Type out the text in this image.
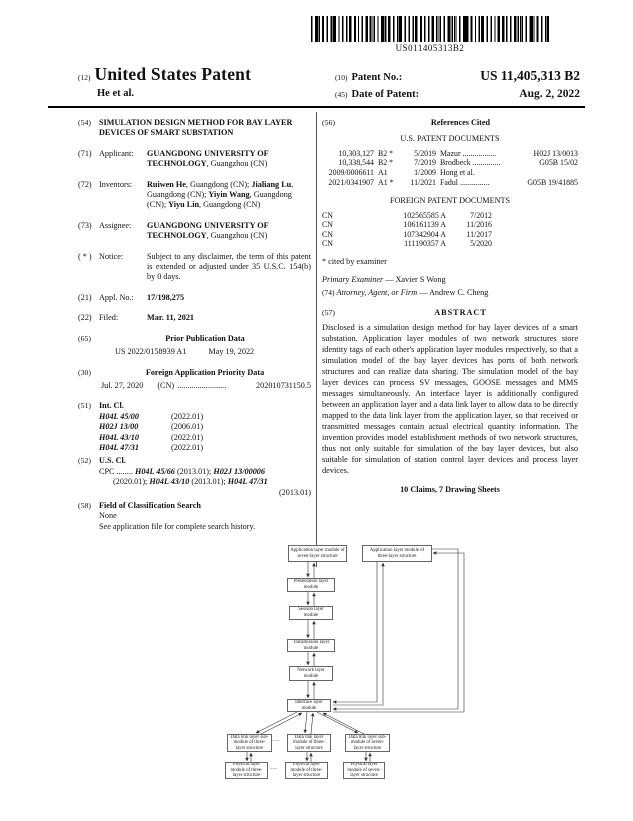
US011405313B2
(12) United States Patent
He et al.
(10) Patent No.:	US 11,405,313 B2
(45) Date of Patent:	Aug. 2, 2022
(54) SIMULATION DESIGN METHOD FOR BAY LAYER DEVICES OF SMART SUBSTATION
(71) Applicant:	GUANGDONG UNIVERSITY OF TECHNOLOGY, Guangzhou (CN)
(72) Inventors:	Ruiwen He, Guangdong (CN); Jialiang Lu, Guangdong (CN); Yiyin Wang, Guangdong (CN); Yiyu Lin, Guangdong (CN)
(73) Assignee:	GUANGDONG UNIVERSITY OF TECHNOLOGY, Guangzhou (CN)
( * ) Notice:	Subject to any disclaimer, the term of this patent is extended or adjusted under 35 U.S.C. 154(b) by 0 days.
(21) Appl. No.:	17/198,275
(22) Filed:	Mar. 11, 2021
(65)	Prior Publication Data
US 2022/0158939 A1	May 19, 2022
(30)	Foreign Application Priority Data
Jul. 27, 2020 (CN) ........................	202010731150.5
(51) Int. Cl.
H04L 45/00	(2022.01)
H02J 13/00	(2006.01)
H04L 43/10	(2022.01)
H04L 47/31	(2022.01)
(52) U.S. Cl.
CPC ........ H04L 45/66 (2013.01); H02J 13/00006
(2020.01); H04L 43/10 (2013.01); H04L 47/31
(2013.01)
(58) Field of Classification Search
None
See application file for complete search history.
(56)	References Cited
U.S. PATENT DOCUMENTS
10,303,127 B2 *	5/2019 Mazur .................	H02J 13/0013
10,338,544 B2 *	7/2019 Brodbeck ..............	G05B 15/02
2009/0006611 A1	1/2009 Hong et al.
2021/0341907 A1 *	11/2021 Fadul ...............	G05B 19/41885
FOREIGN PATENT DOCUMENTS
CN	102565585 A	7/2012
CN	106161139 A	11/2016
CN	107342904 A	11/2017
CN	111190357 A	5/2020
* cited by examiner
Primary Examiner — Xavier S Wong
(74) Attorney, Agent, or Firm — Andrew C. Cheng
(57)	ABSTRACT
Disclosed is a simulation design method for bay layer devices of a smart substation. Application layer modules of two network structures store identity tags of each other's application layer modules respectively, so that a simulation model of the bay layer devices has ports of both network structures and can realize data sharing. The simulation model of the bay layer devices can process SV messages, GOOSE messages and MMS messages simultaneously. An interface layer is additionally configured between an application layer and a data link layer to allow data to be directly mapped to the data link layer from the application layer, so that received or transmitted messages contain actual electrical quantity information. The invention provides model establishment methods of two network structures, thus not only suitable for simulation of the bay layer devices, but also suitable for simulation of station control layer devices and process layer devices.
10 Claims, 7 Drawing Sheets
Application layer module of seven-layer structure
Application layer module of three-layer structure
Presentation layer module
Session layer module
Transmission layer module
Network layer module
Interface layer module
Data link layer sub-module of three-layer structure
Data link layer module of three-layer structure
Data link layer sub-module of seven-layer structure
Physical layer module of three-layer structure
Physical layer module of three-layer structure
Physical layer module of seven-layer structure
......
......
